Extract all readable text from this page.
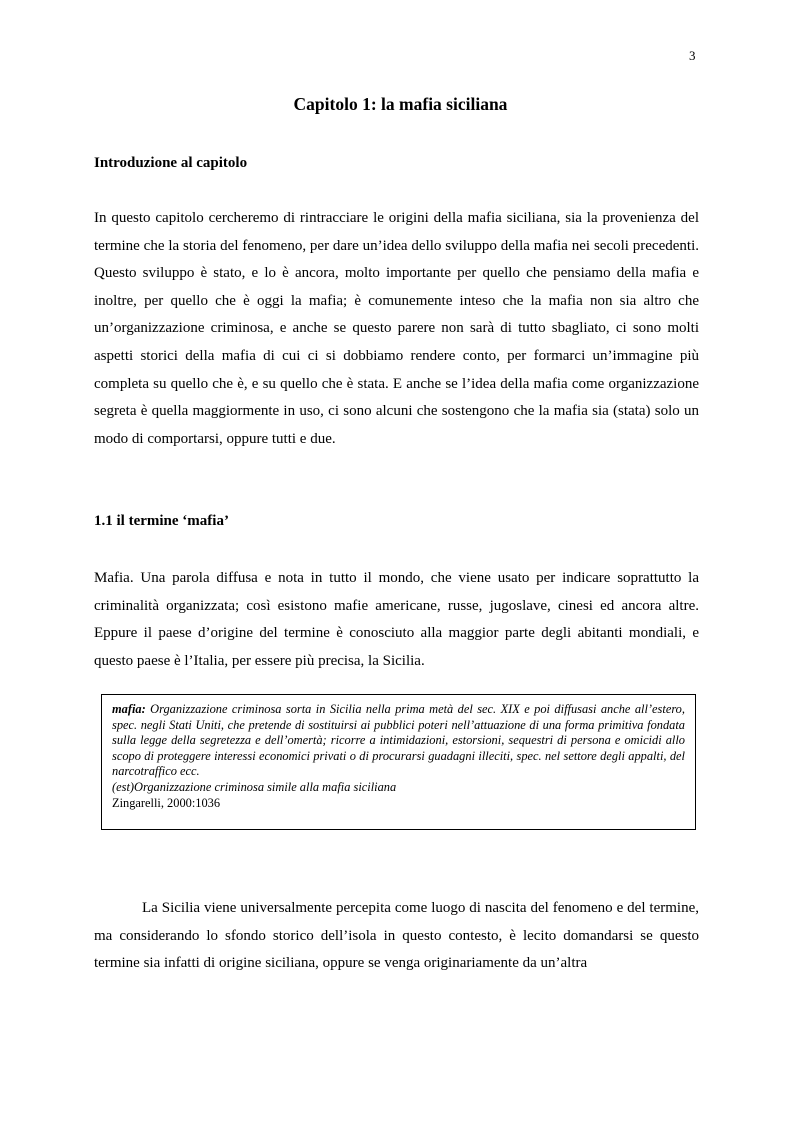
3
Capitolo 1: la mafia siciliana
Introduzione al capitolo

In questo capitolo cercheremo di rintracciare le origini della mafia siciliana, sia la provenienza del termine che la storia del fenomeno, per dare un’idea dello sviluppo della mafia nei secoli precedenti. Questo sviluppo è stato, e lo è ancora, molto importante per quello che pensiamo della mafia e inoltre, per quello che è oggi la mafia; è comunemente inteso che la mafia non sia altro che un’organizzazione criminosa, e anche se questo parere non sarà di tutto sbagliato, ci sono molti aspetti storici della mafia di cui ci si dobbiamo rendere conto, per formarci un’immagine più completa su quello che è, e su quello che è stata. E anche se l’idea della mafia come organizzazione segreta è quella maggiormente in uso, ci sono alcuni che sostengono che la mafia sia (stata) solo un modo di comportarsi, oppure tutti e due.

1.1 il termine ‘mafia’

Mafia. Una parola diffusa e nota in tutto il mondo, che viene usato per indicare soprattutto la criminalità organizzata; così esistono mafie americane, russe, jugoslave, cinesi ed ancora altre. Eppure il paese d’origine del termine è conosciuto alla maggior parte degli abitanti mondiali, e questo paese è l’Italia, per essere più precisa, la Sicilia.

mafia: Organizzazione criminosa sorta in Sicilia nella prima metà del sec. XIX e poi diffusasi anche all’estero, spec. negli Stati Uniti, che pretende di sostituirsi ai pubblici poteri nell’attuazione di una forma primitiva fondata sulla legge della segretezza e dell’omertà; ricorre a intimidazioni, estorsioni, sequestri di persona e omicidi allo scopo di proteggere interessi economici privati o di procurarsi guadagni illeciti, spec. nel settore degli appalti, del narcotraffico ecc.

(est)Organizzazione criminosa simile alla mafia siciliana

Zingarelli, 2000:1036

La Sicilia viene universalmente percepita come luogo di nascita del fenomeno e del termine, ma considerando lo sfondo storico dell’isola in questo contesto, è lecito domandarsi se questo termine sia infatti di origine siciliana, oppure se venga originariamente da un’altra
